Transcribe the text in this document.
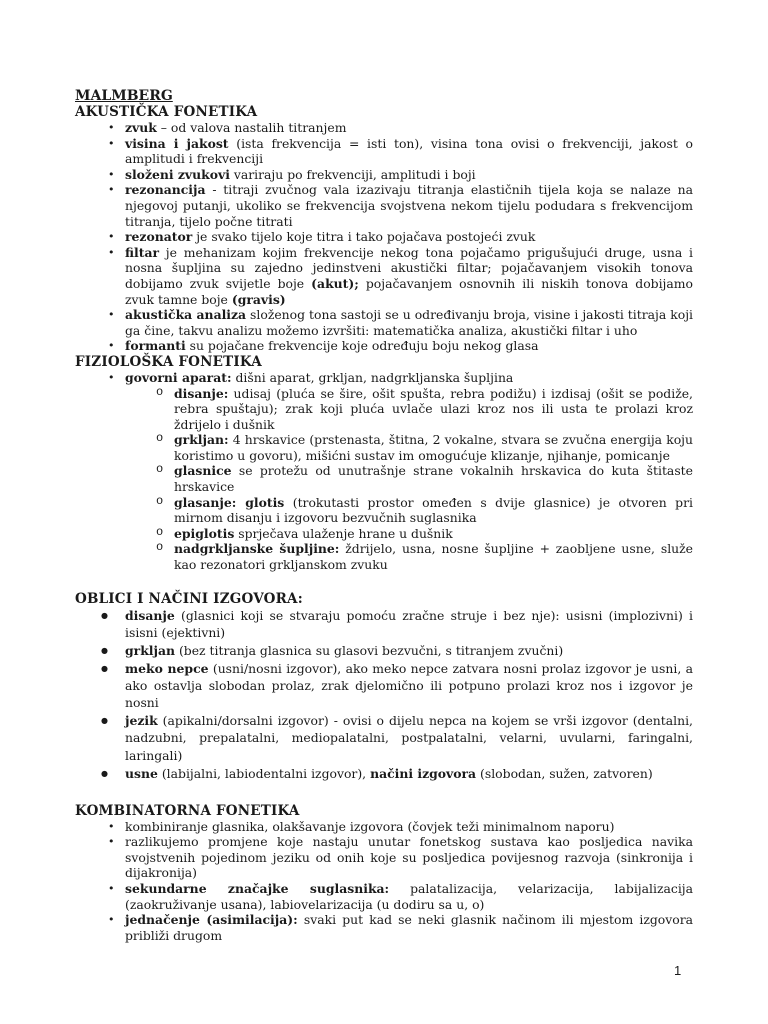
MALMBERG
AKUSTIČKA FONETIKA
• zvuk – od valova nastalih titranjem
• visina i jakost (ista frekvencija = isti ton), visina tona ovisi o frekvenciji, jakost o amplitudi i frekvenciji
• složeni zvukovi variraju po frekvenciji, amplitudi i boji
• rezonancija - titraji zvučnog vala izazivaju titranja elastičnih tijela koja se nalaze na njegovoj putanji, ukoliko se frekvencija svojstvena nekom tijelu podudara s frekvencijom titranja, tijelo počne titrati
• rezonator je svako tijelo koje titra i tako pojačava postojeći zvuk
• filtar je mehanizam kojim frekvencije nekog tona pojačamo prigušujući druge, usna i nosna šupljina su zajedno jedinstveni akustički filtar; pojačavanjem visokih tonova dobijamo zvuk svijetle boje (akut); pojačavanjem osnovnih ili niskih tonova dobijamo zvuk tamne boje (gravis)
• akustička analiza složenog tona sastoji se u određivanju broja, visine i jakosti titraja koji ga čine, takvu analizu možemo izvršiti: matematička analiza, akustički filtar i uho
• formanti su pojačane frekvencije koje određuju boju nekog glasa
FIZIOLOŠKA FONETIKA
• govorni aparat: dišni aparat, grkljan, nadgrkljanska šupljina
o disanje: udisaj (pluća se šire, ošit spušta, rebra podižu) i izdisaj (ošit se podiže, rebra spuštaju); zrak koji pluća uvlače ulazi kroz nos ili usta te prolazi kroz ždrijelo i dušnik
o grkljan: 4 hrskavice (prstenasta, štitna, 2 vokalne, stvara se zvučna energija koju koristimo u govoru), mišićni sustav im omogućuje klizanje, njihanje, pomicanje
o glasnice se protežu od unutrašnje strane vokalnih hrskavica do kuta štitaste hrskavice
o glasanje: glotis (trokutasti prostor omeđen s dvije glasnice) je otvoren pri mirnom disanju i izgovoru bezvučnih suglasnika
o epiglotis sprječava ulaženje hrane u dušnik
o nadgrkljanske šupljine: ždrijelo, usna, nosne šupljine + zaobljene usne, služe kao rezonatori grkljanskom zvuku
OBLICI I NAČINI IZGOVORA:
● disanje (glasnici koji se stvaraju pomoću zračne struje i bez nje): usisni (implozivni) i isisni (ejektivni)
● grkljan (bez titranja glasnica su glasovi bezvučni, s titranjem zvučni)
● meko nepce (usni/nosni izgovor), ako meko nepce zatvara nosni prolaz izgovor je usni, a ako ostavlja slobodan prolaz, zrak djelomično ili potpuno prolazi kroz nos i izgovor je nosni
● jezik (apikalni/dorsalni izgovor) - ovisi o dijelu nepca na kojem se vrši izgovor (dentalni, nadzubni, prepalatalni, mediopalatalni, postpalatalni, velarni, uvularni, faringalni, laringali)
● usne (labijalni, labiodentalni izgovor), načini izgovora (slobodan, sužen, zatvoren)
KOMBINATORNA FONETIKA
• kombiniranje glasnika, olakšavanje izgovora (čovjek teži minimalnom naporu)
• razlikujemo promjene koje nastaju unutar fonetskog sustava kao posljedica navika svojstvenih pojedinom jeziku od onih koje su posljedica povijesnog razvoja (sinkronija i dijakronija)
• sekundarne značajke suglasnika: palatalizacija, velarizacija, labijalizacija (zaokruživanje usana), labiovelarizacija (u dodiru sa u, o)
• jednačenje (asimilacija): svaki put kad se neki glasnik načinom ili mjestom izgovora približi drugom
1
